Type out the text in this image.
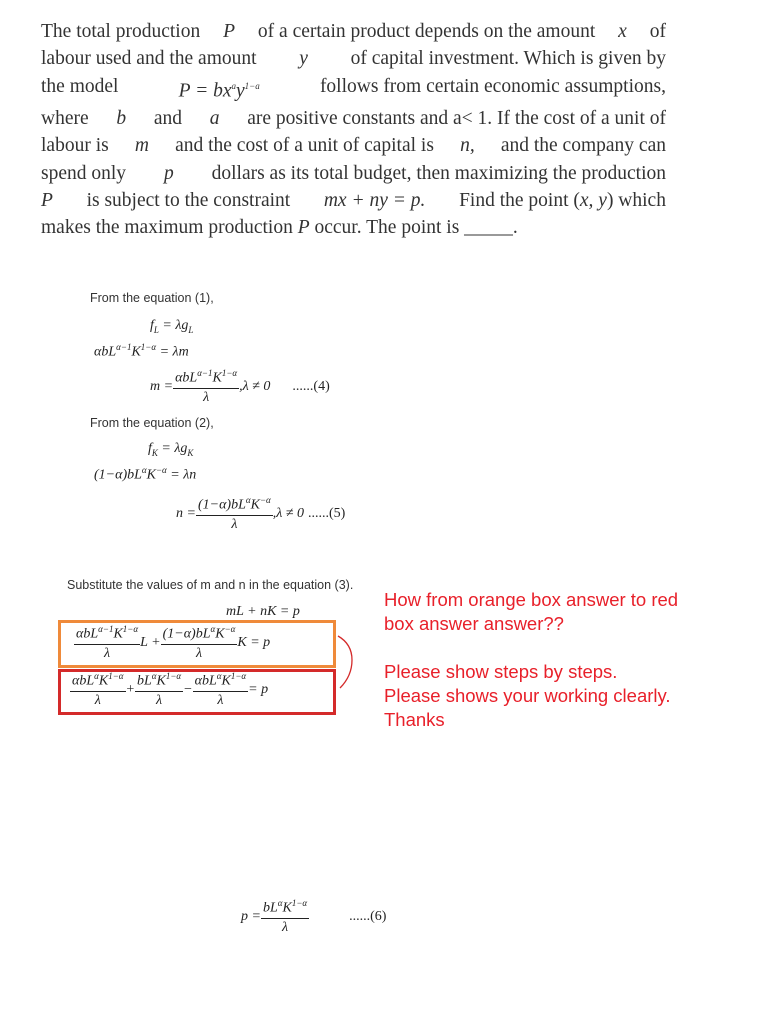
The total production P of a certain product depends on the amount x of
labour used and the amount y of capital investment. Which is given by
the model	$P = bx^ay^{1-a}$	follows from certain economic assumptions,
where b and a are positive constants and a< 1. If the cost of a unit of
labour is m and the cost of a unit of capital is n, and the company can
spend only p dollars as its total budget, then maximizing the production
P is subject to the constraint mx + ny = p. Find the point (x, y) which
makes the maximum production
P
occur. The point is
_____.
From the equation (1),
$f_L = \lambda g_L$
$\alpha bL^{\alpha-1}K^{1-\alpha} = \lambda m$
$m = \frac{\alpha bL^{\alpha-1}K^{1-\alpha}}{\lambda} ,\lambda \ne 0$ ......(4)
From the equation (2),
$f_K = \lambda g_K$
$(1-\alpha)bL^\alpha K^{-\alpha} = \lambda n$
$n = \frac{(1-\alpha)bL^\alpha K^{-\alpha}}{\lambda} ,\lambda \ne 0$ ......(5)
Substitute the values of m and n in the equation (3).
mL + nK = p
$\frac{\alpha bL^{\alpha-1}K^{1-\alpha}}{\lambda}$ $L + \frac{(1-\alpha)bL^\alpha K^{-\alpha}}{\lambda}$ K = p
$\frac{\alpha bL^\alpha K^{1-\alpha}}{\lambda} + \frac{bL^\alpha K^{1-\alpha}}{\lambda} - \frac{\alpha bL^\alpha K^{1-\alpha}}{\lambda} = p$
How from orange box answer to red
box answer answer??
Please show steps by steps.
Please shows your working clearly.
Thanks
$p = \frac{bL^\alpha K^{1-\alpha}}{\lambda}$	......(6)
